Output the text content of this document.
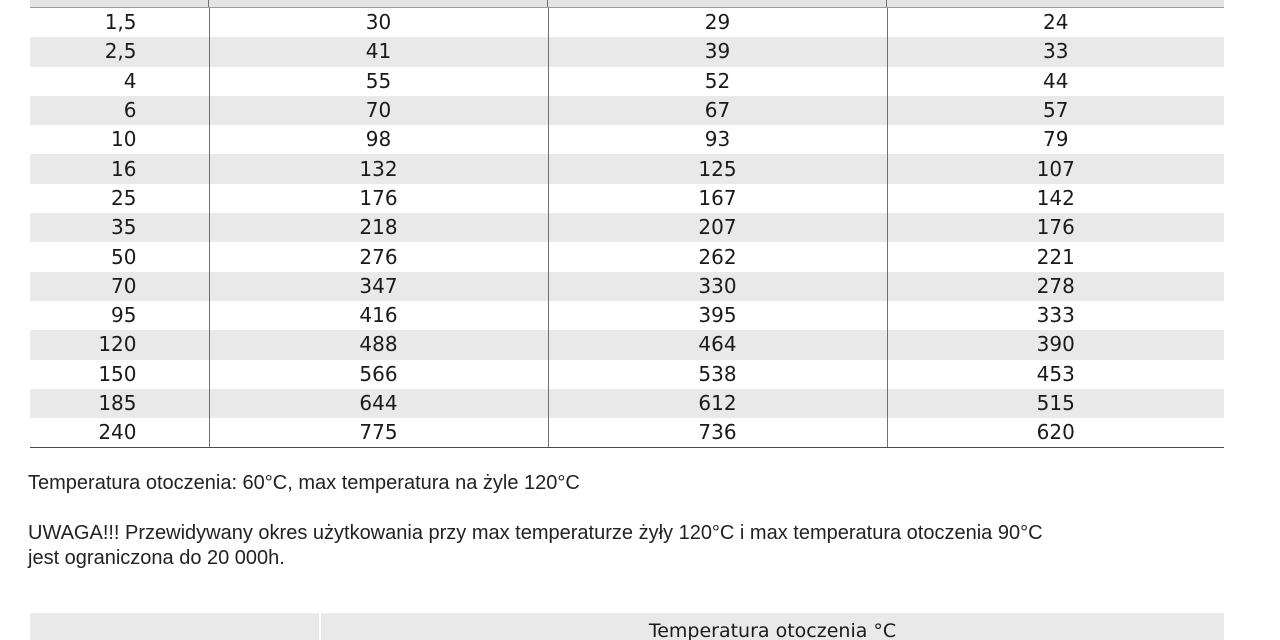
1,5	30	29	24
2,5	41	39	33
4	55	52	44
6	70	67	57
10	98	93	79
16	132	125	107
25	176	167	142
35	218	207	176
50	276	262	221
70	347	330	278
95	416	395	333
120	488	464	390
150	566	538	453
185	644	612	515
240	775	736	620

Temperatura otoczenia: 60°C, max temperatura na żyle 120°C

UWAGA!!! Przewidywany okres użytkowania przy max temperaturze żyły 120°C i max temperatura otoczenia 90°C
jest ograniczona do 20 000h.
Temperatura otoczenia °C
